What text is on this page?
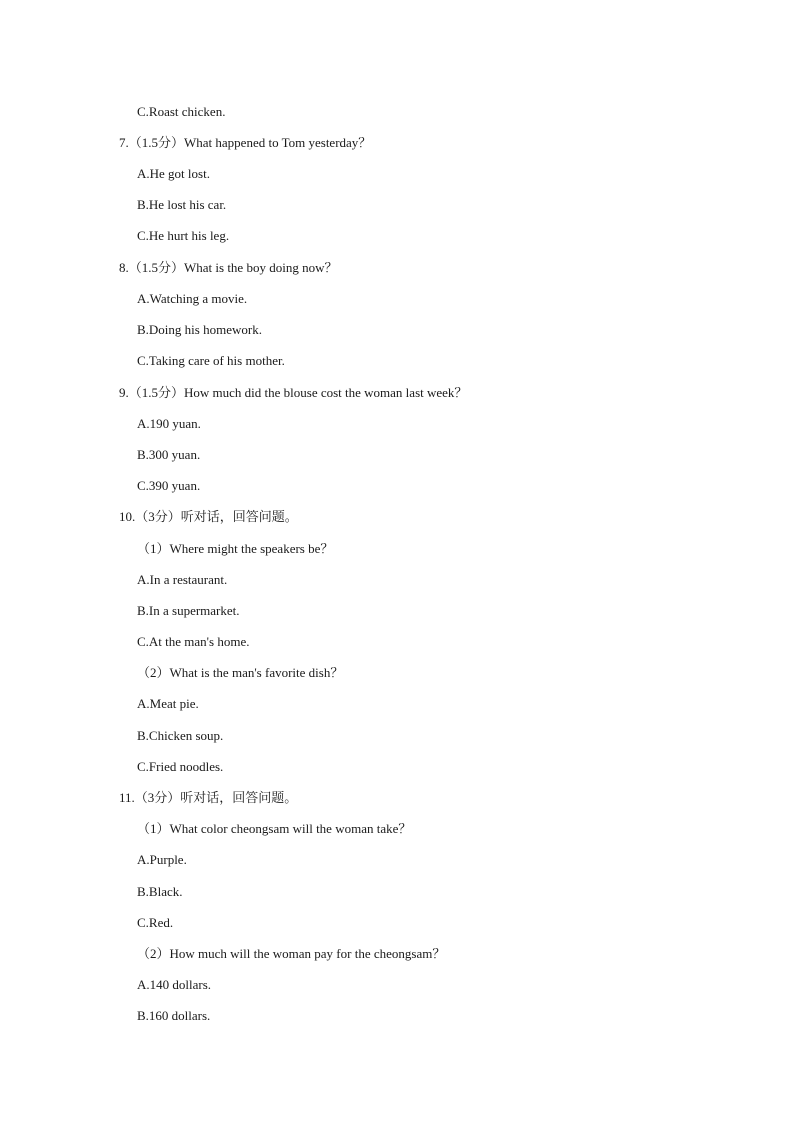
C.Roast chicken.
7.（1.5分）What happened to Tom yesterday？
A.He got lost.
B.He lost his car.
C.He hurt his leg.
8.（1.5分）What is the boy doing now？
A.Watching a movie.
B.Doing his homework.
C.Taking care of his mother.
9.（1.5分）How much did the blouse cost the woman last week？
A.190 yuan.
B.300 yuan.
C.390 yuan.
10.（3分）听对话，回答问题。
（1）Where might the speakers be？
A.In a restaurant.
B.In a supermarket.
C.At the man's home.
（2）What is the man's favorite dish？
A.Meat pie.
B.Chicken soup.
C.Fried noodles.
11.（3分）听对话，回答问题。
（1）What color cheongsam will the woman take？
A.Purple.
B.Black.
C.Red.
（2）How much will the woman pay for the cheongsam？
A.140 dollars.
B.160 dollars.
